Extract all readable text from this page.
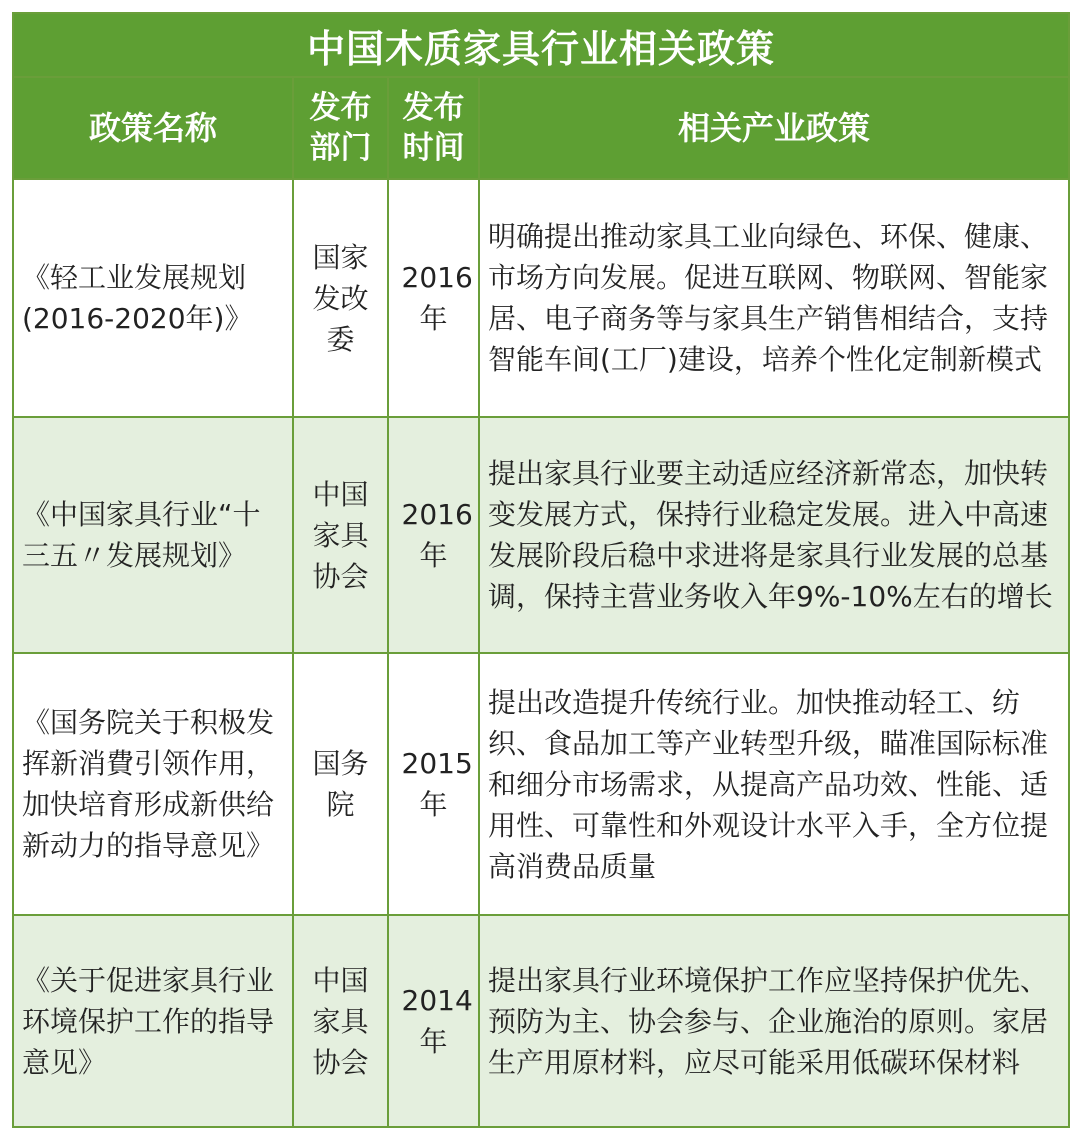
中国木质家具行业相关政策			
政策名称	发布部门	发布时间	相关产业政策
《轻工业发展规划(2016-2020年)》	国家发改委	2016年	明确提出推动家具工业向绿色、环保、健康、市场方向发展。促进互联网、物联网、智能家居、电子商务等与家具生产销售相结合，支持智能车间(工厂)建设，培养个性化定制新模式
《中国家具行业“十三五〃发展规划》	中国家具协会	2016年	提出家具行业要主动适应经济新常态，加快转变发展方式，保持行业稳定发展。进入中高速发展阶段后稳中求进将是家具行业发展的总基调，保持主营业务收入年9%-10%左右的增长
《国务院关于积极发挥新消費引领作用，加快培育形成新供给新动力的指导意见》	国务院	2015年	提出改造提升传统行业。加快推动轻工、纺织、食品加工等产业转型升级，瞄准国际标准和细分市场需求，从提高产品功效、性能、适用性、可靠性和外观设计水平入手，全方位提高消费品质量
《关于促进家具行业环境保护工作的指导意见》	中国家具协会	2014年	提出家具行业环境保护工作应坚持保护优先、预防为主、协会参与、企业施治的原则。家居生产用原材料，应尽可能采用低碳环保材料
